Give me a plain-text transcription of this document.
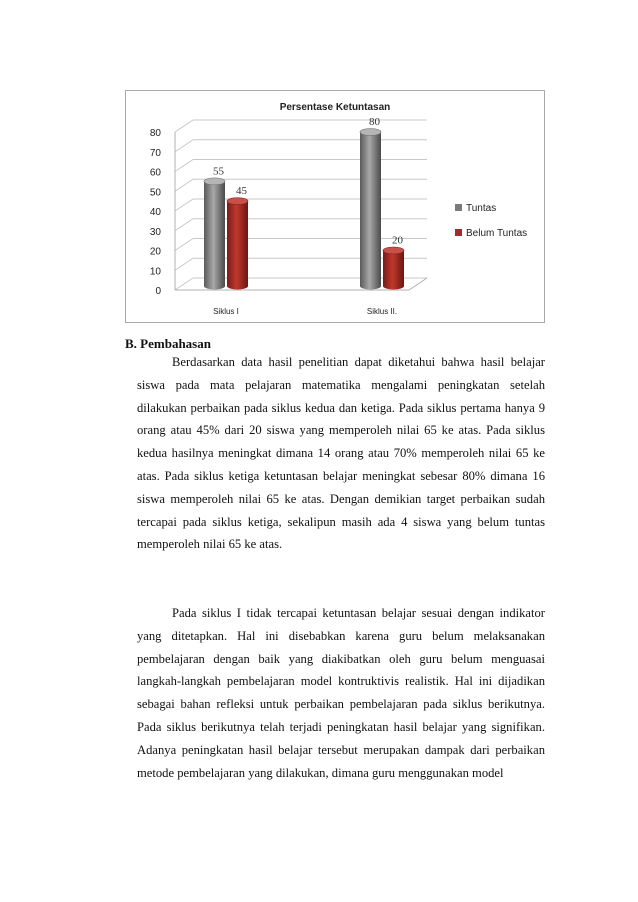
Persentase Ketuntasan
0
10
20
30
40
50
60
70
80
55
45
Siklus I
80
20
Siklus II.
Tuntas
Belum Tuntas
B. Pembahasan

Berdasarkan data hasil penelitian dapat diketahui bahwa hasil belajar siswa pada mata pelajaran matematika mengalami peningkatan setelah dilakukan perbaikan pada siklus kedua dan ketiga. Pada siklus pertama hanya 9 orang atau 45% dari 20 siswa yang memperoleh nilai 65 ke atas. Pada siklus kedua hasilnya meningkat dimana 14 orang atau 70% memperoleh nilai 65 ke atas. Pada siklus ketiga ketuntasan belajar meningkat sebesar 80% dimana 16 siswa memperoleh nilai 65 ke atas. Dengan demikian target perbaikan sudah tercapai pada siklus ketiga, sekalipun masih ada 4 siswa yang belum tuntas memperoleh nilai 65 ke atas.

Pada siklus I tidak tercapai ketuntasan belajar sesuai dengan indikator yang ditetapkan. Hal ini disebabkan karena guru belum melaksanakan pembelajaran dengan baik yang diakibatkan oleh guru belum menguasai langkah-langkah pembelajaran model kontruktivis realistik. Hal ini dijadikan sebagai bahan refleksi untuk perbaikan pembelajaran pada siklus berikutnya. Pada siklus berikutnya telah terjadi peningkatan hasil belajar yang signifikan. Adanya peningkatan hasil belajar tersebut merupakan dampak dari perbaikan metode pembelajaran yang dilakukan, dimana guru menggunakan model
